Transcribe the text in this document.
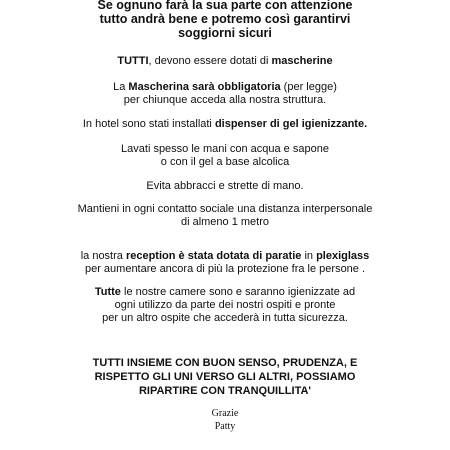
Se ognuno farà la sua parte con attenzione
tutto andrà bene e potremo così garantirvi
soggiorni sicuri
TUTTI, devono essere dotati di mascherine
La Mascherina sarà obbligatoria (per legge)
per chiunque acceda alla nostra struttura.
In hotel sono stati installati dispenser di gel igienizzante.
Lavati spesso le mani con acqua e sapone
o con il gel a base alcolica
Evita abbracci e strette di mano.
Mantieni in ogni contatto sociale una distanza interpersonale
di almeno 1 metro
la nostra reception è stata dotata di paratie in plexiglass
per aumentare ancora di più la protezione fra le persone .
Tutte le nostre camere sono e saranno igienizzate ad
ogni utilizzo da parte dei nostri ospiti e pronte
per un altro ospite che accederà in tutta sicurezza.
TUTTI INSIEME CON BUON SENSO, PRUDENZA, E
RISPETTO GLI UNI VERSO GLI ALTRI, POSSIAMO
RIPARTIRE CON TRANQUILLITA'
Grazie
Patty
